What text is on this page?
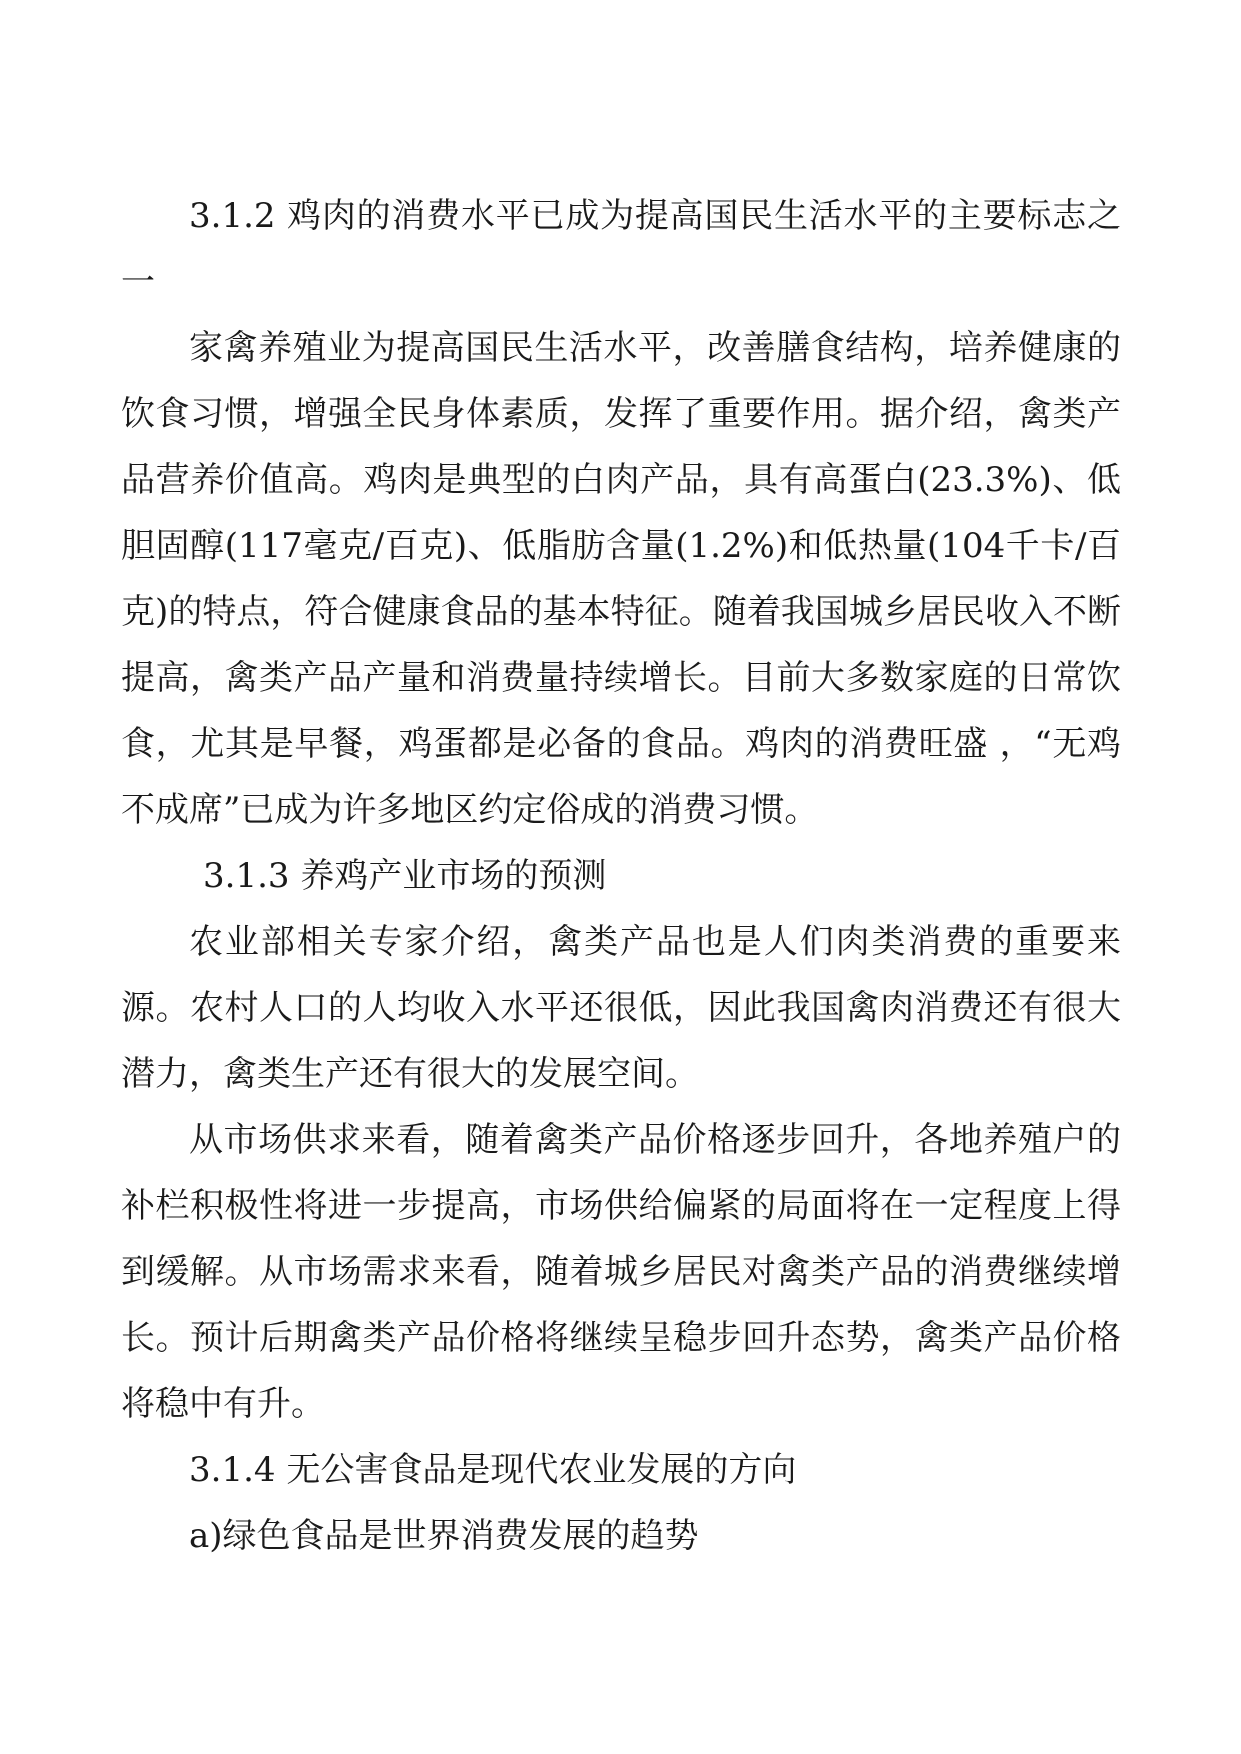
3.1.2 鸡肉的消费水平已成为提高国民生活水平的主要标志之一

家禽养殖业为提高国民生活水平，改善膳食结构，培养健康的饮食习惯，增强全民身体素质，发挥了重要作用。据介绍，禽类产品营养价值高。鸡肉是典型的白肉产品，具有高蛋白(23.3%)、低胆固醇(117毫克/百克)、低脂肪含量(1.2%)和低热量(104千卡/百克)的特点，符合健康食品的基本特征。随着我国城乡居民收入不断提高，禽类产品产量和消费量持续增长。目前大多数家庭的日常饮食，尤其是早餐，鸡蛋都是必备的食品。鸡肉的消费旺盛 ，“无鸡不成席”已成为许多地区约定俗成的消费习惯。

3.1.3 养鸡产业市场的预测

农业部相关专家介绍，禽类产品也是人们肉类消费的重要来源。农村人口的人均收入水平还很低，因此我国禽肉消费还有很大潜力，禽类生产还有很大的发展空间。

从市场供求来看，随着禽类产品价格逐步回升，各地养殖户的补栏积极性将进一步提高，市场供给偏紧的局面将在一定程度上得到缓解。从市场需求来看，随着城乡居民对禽类产品的消费继续增长。预计后期禽类产品价格将继续呈稳步回升态势，禽类产品价格将稳中有升。

3.1.4 无公害食品是现代农业发展的方向

a)绿色食品是世界消费发展的趋势
